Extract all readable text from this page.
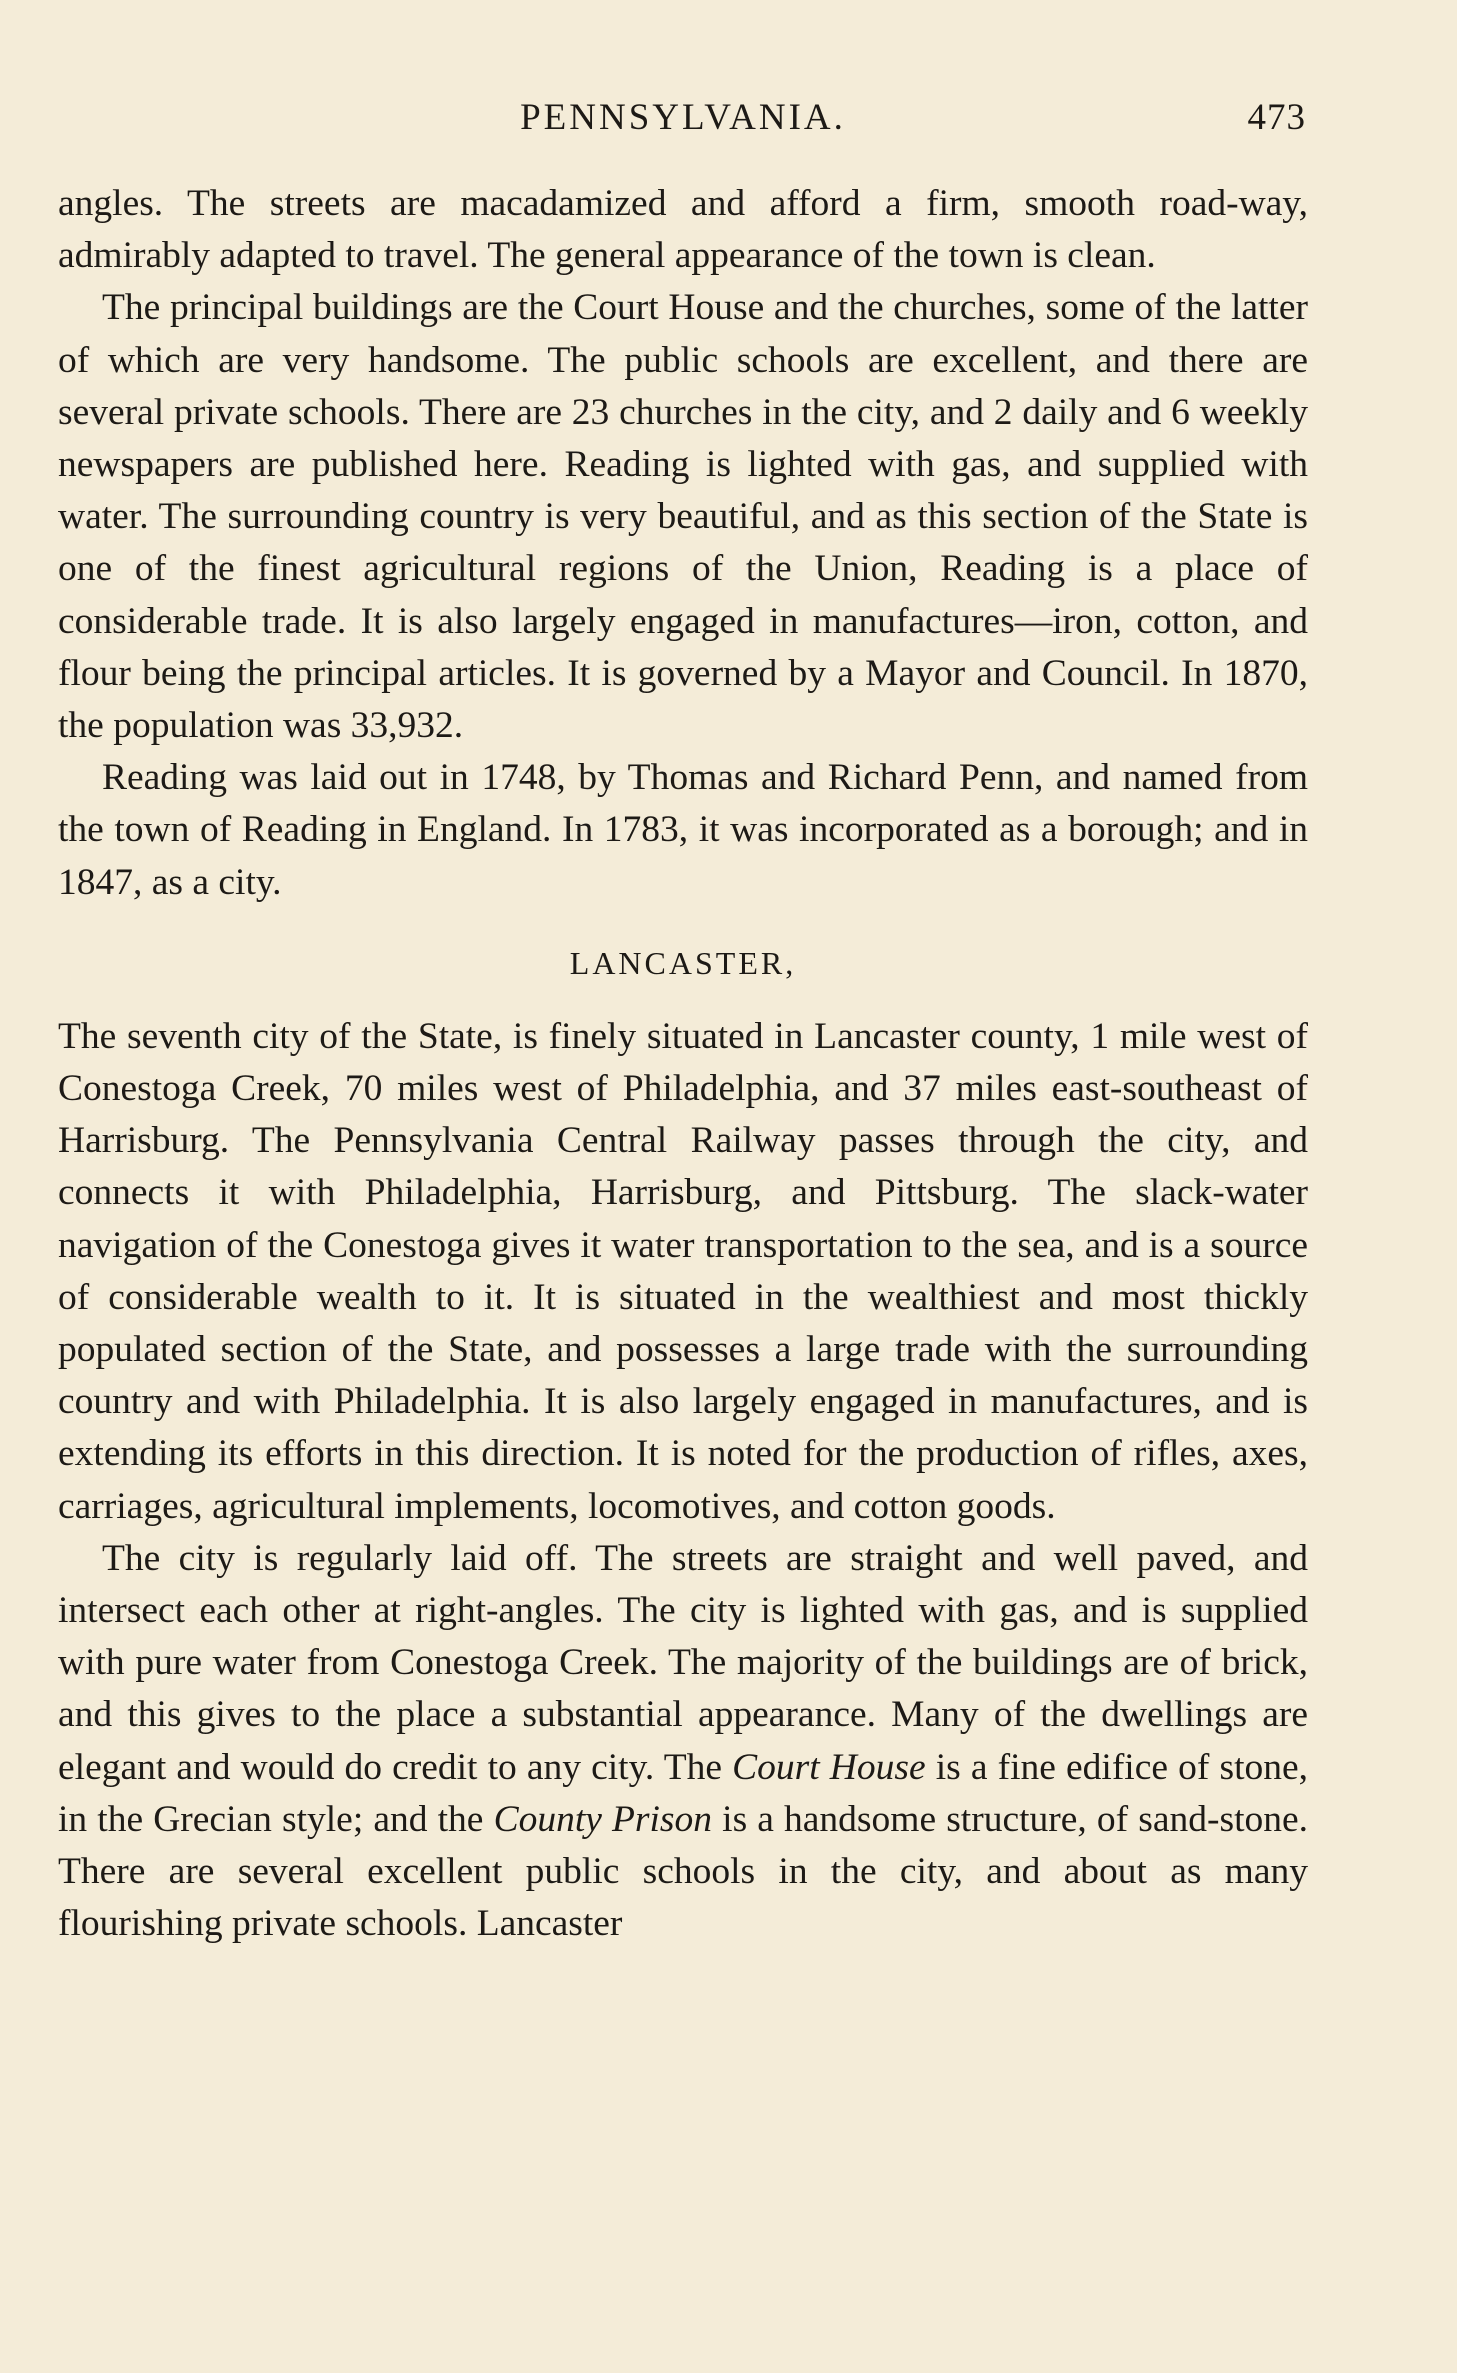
PENNSYLVANIA.	473

angles. The streets are macadamized and afford a firm, smooth road-way, admirably adapted to travel. The general appearance of the town is clean.

The principal buildings are the Court House and the churches, some of the latter of which are very handsome. The public schools are excellent, and there are several private schools. There are 23 churches in the city, and 2 daily and 6 weekly newspapers are published here. Reading is lighted with gas, and supplied with water. The surrounding country is very beautiful, and as this section of the State is one of the finest agricultural regions of the Union, Reading is a place of considerable trade. It is also largely engaged in manufactures—iron, cotton, and flour being the principal articles. It is governed by a Mayor and Council. In 1870, the population was 33,932.

Reading was laid out in 1748, by Thomas and Richard Penn, and named from the town of Reading in England. In 1783, it was incorporated as a borough; and in 1847, as a city.

LANCASTER,

The seventh city of the State, is finely situated in Lancaster county, 1 mile west of Conestoga Creek, 70 miles west of Philadelphia, and 37 miles east-southeast of Harrisburg. The Pennsylvania Central Railway passes through the city, and connects it with Philadelphia, Harrisburg, and Pittsburg. The slack-water navigation of the Conestoga gives it water transportation to the sea, and is a source of considerable wealth to it. It is situated in the wealthiest and most thickly populated section of the State, and possesses a large trade with the surrounding country and with Philadelphia. It is also largely engaged in manufactures, and is extending its efforts in this direction. It is noted for the production of rifles, axes, carriages, agricultural implements, locomotives, and cotton goods.

The city is regularly laid off. The streets are straight and well paved, and intersect each other at right-angles. The city is lighted with gas, and is supplied with pure water from Conestoga Creek. The majority of the buildings are of brick, and this gives to the place a substantial appearance. Many of the dwellings are elegant and would do credit to any city. The Court House is a fine edifice of stone, in the Grecian style; and the County Prison is a handsome structure, of sand-stone. There are several excellent public schools in the city, and about as many flourishing private schools. Lancaster
